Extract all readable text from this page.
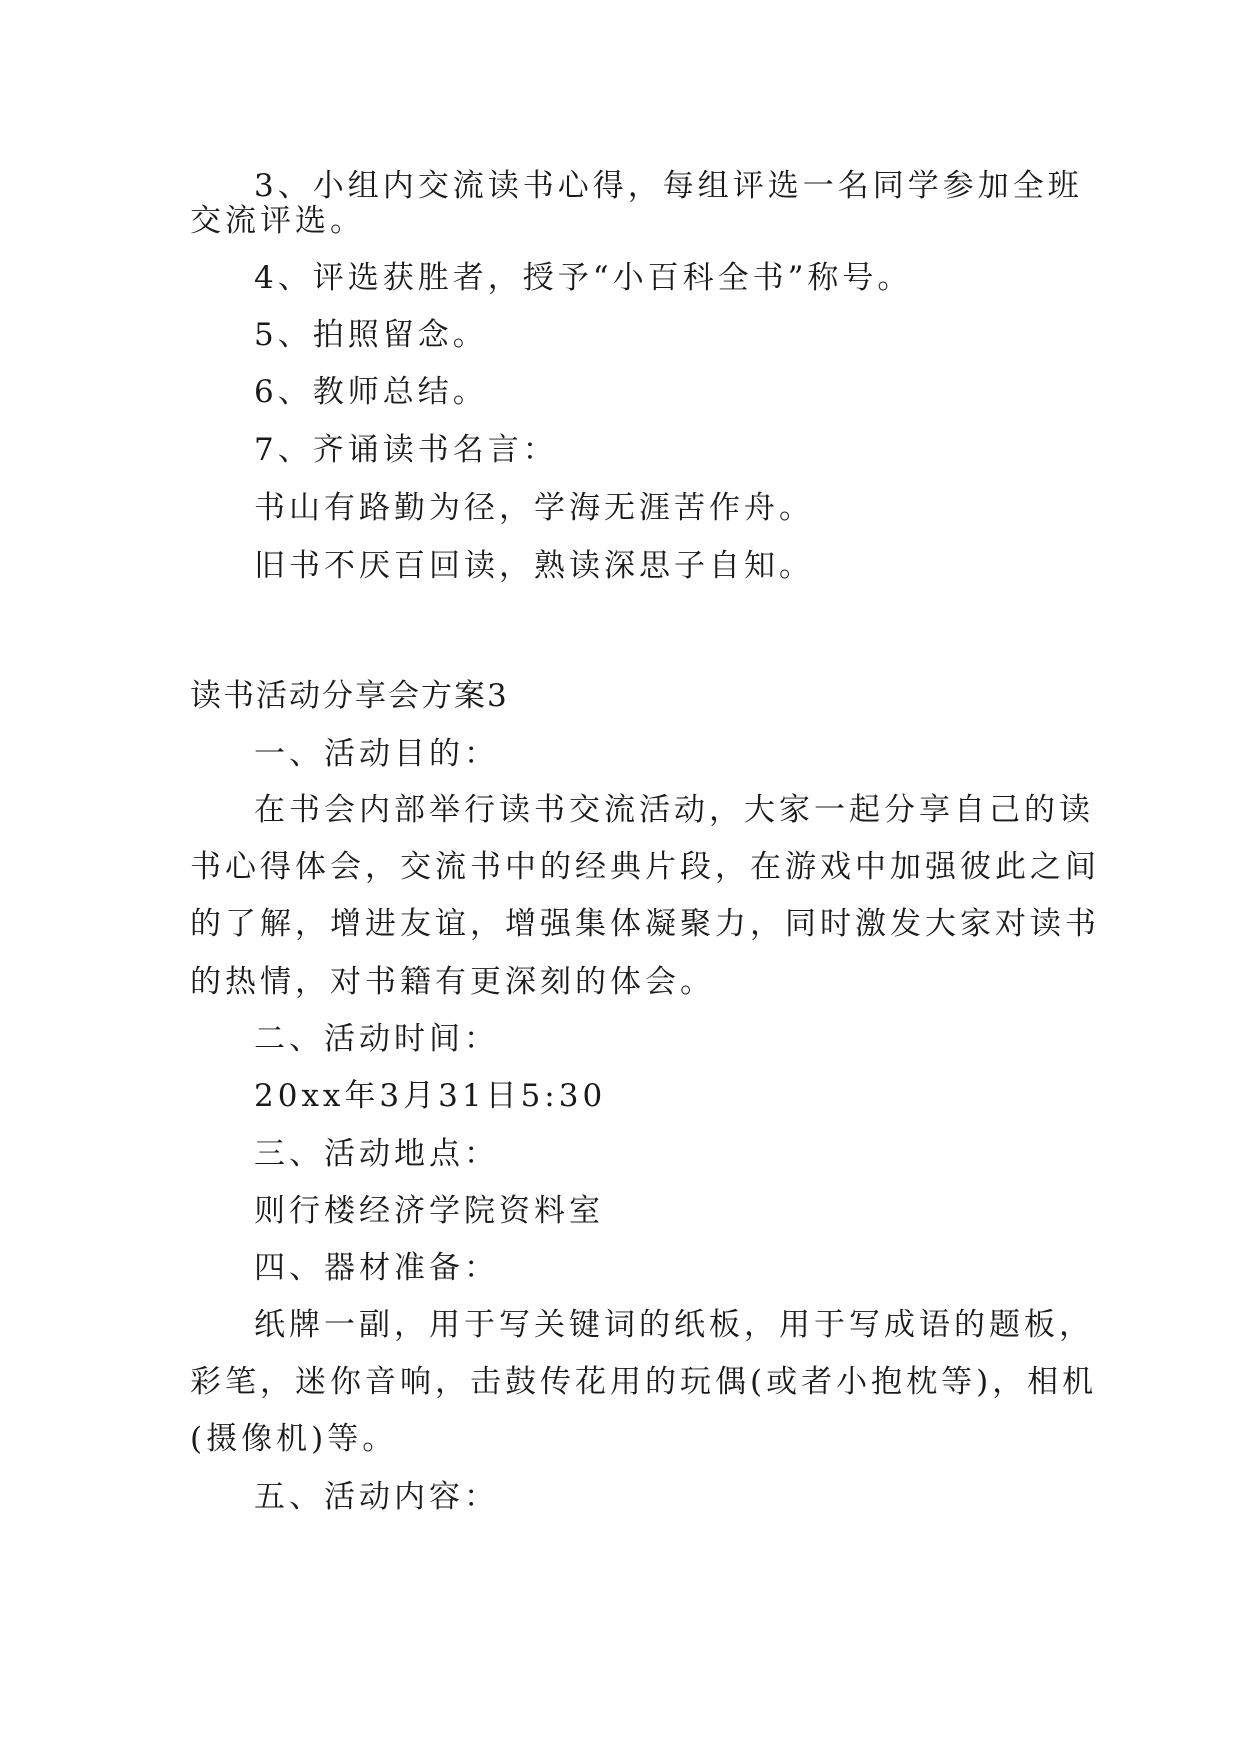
3、小组内交流读书心得，每组评选一名同学参加全班
交流评选。
4、评选获胜者，授予“小百科全书”称号。
5、拍照留念。
6、教师总结。
7、齐诵读书名言：
书山有路勤为径，学海无涯苦作舟。
旧书不厌百回读，熟读深思子自知。
读书活动分享会方案3
一、活动目的：
在书会内部举行读书交流活动，大家一起分享自己的读
书心得体会，交流书中的经典片段，在游戏中加强彼此之间
的了解，增进友谊，增强集体凝聚力，同时激发大家对读书
的热情，对书籍有更深刻的体会。
二、活动时间：
20xx年3月31日5:30
三、活动地点：
则行楼经济学院资料室
四、器材准备：
纸牌一副，用于写关键词的纸板，用于写成语的题板，
彩笔，迷你音响，击鼓传花用的玩偶(或者小抱枕等)，相机
(摄像机)等。
五、活动内容：
